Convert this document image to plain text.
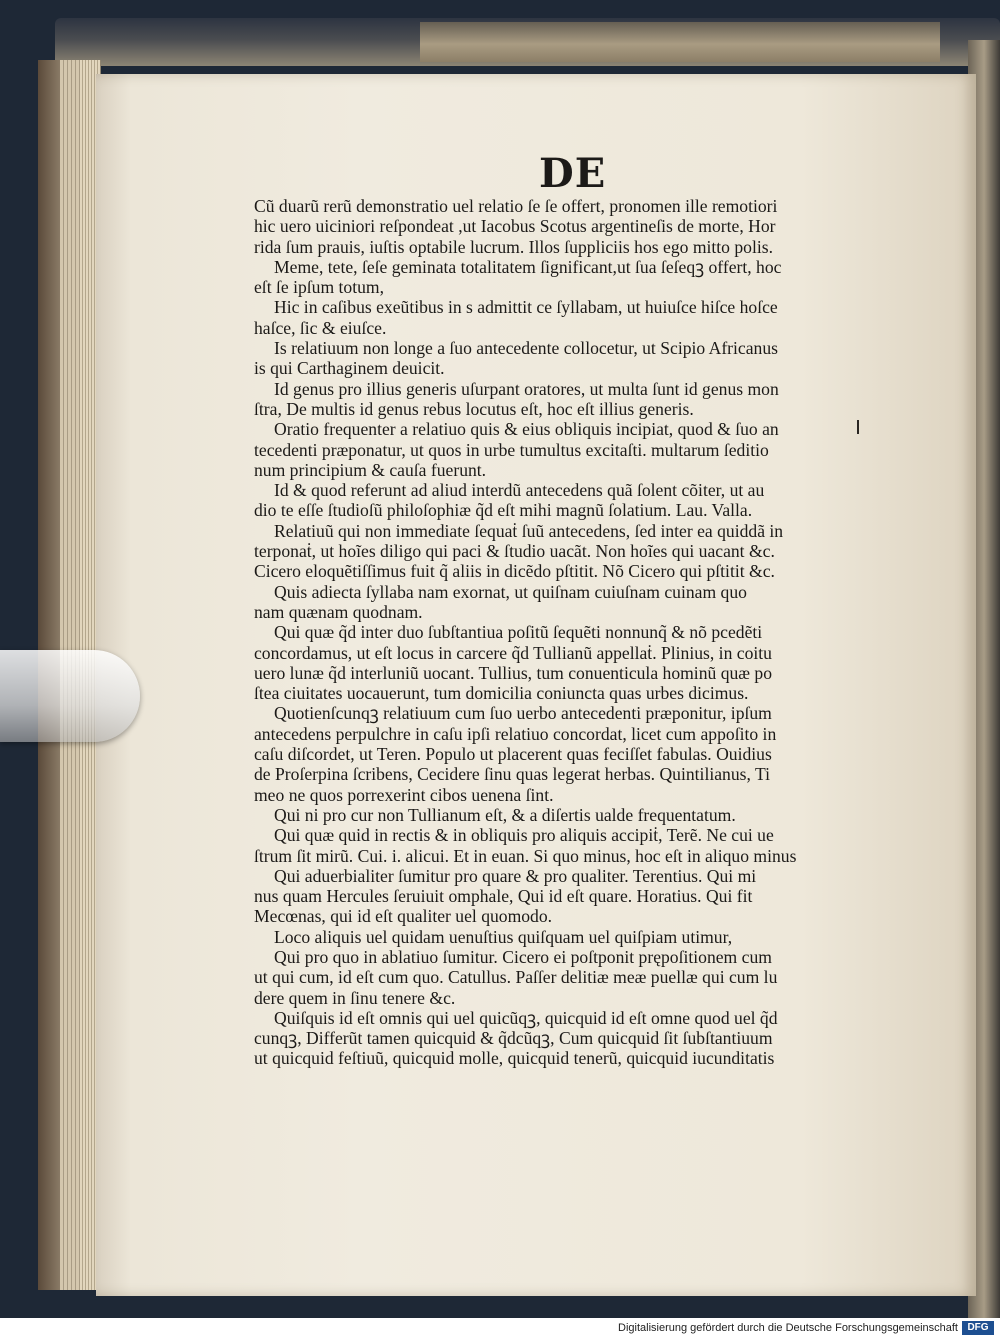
DE
Cũ duarũ rerũ demonstratio uel relatio ſe ſe offert, pronomen ille remotiori
hic uero uiciniori reſpondeat ,ut Iacobus Scotus argentineſis de morte, Hor
rida ſum prauis, iuſtis optabile lucrum. Illos ſuppliciis hos ego mitto polis.
Meme, tete, ſeſe geminata totalitatem ſignificant,ut ſua ſeſeqꝫ offert, hoc
eſt ſe ipſum totum,
Hic in caſibus exeũtibus in s admittit ce ſyllabam, ut huiuſce hiſce hoſce
haſce, ſic & eiuſce.
Is relatiuum non longe a ſuo antecedente collocetur, ut Scipio Africanus
is qui Carthaginem deuicit.
Id genus pro illius generis uſurpant oratores, ut multa ſunt id genus mon
ſtra, De multis id genus rebus locutus eſt, hoc eſt illius generis.
Oratio frequenter a relatiuo quis & eius obliquis incipiat, quod & ſuo an
tecedenti præponatur, ut quos in urbe tumultus excitaſti. multarum ſeditio
num principium & cauſa fuerunt.
Id & quod referunt ad aliud interdũ antecedens quã ſolent cõiter, ut au
dio te eſſe ſtudioſũ philoſophiæ q̃d eſt mihi magnũ ſolatium. Lau. Valla.
Relatiuũ qui non immediate ſequaṫ ſuũ antecedens, ſed inter ea quiddã in
terponaṫ, ut hoĩes diligo qui paci & ſtudio uacãt. Non hoĩes qui uacant &c.
Cicero eloquẽtiſſimus fuit q̃ aliis in dicẽdo pſtitit. Nõ Cicero qui pſtitit &c.
Quis adiecta ſyllaba nam exornat, ut quiſnam cuiuſnam cuinam quo
nam quænam quodnam.
Qui quæ q̃d inter duo ſubſtantiua poſitũ ſequẽti nonnunq̃ & nõ pcedẽti
concordamus, ut eſt locus in carcere q̃d Tullianũ appellaṫ. Plinius, in coitu
uero lunæ q̃d interluniũ uocant. Tullius, tum conuenticula hominũ quæ po
ſtea ciuitates uocauerunt, tum domicilia coniuncta quas urbes dicimus.
Quotienſcunqꝫ relatiuum cum ſuo uerbo antecedenti præponitur, ipſum
antecedens perpulchre in caſu ipſi relatiuo concordat, licet cum appoſito in
caſu diſcordet, ut Teren. Populo ut placerent quas feciſſet fabulas. Ouidius
de Proſerpina ſcribens, Cecidere ſinu quas legerat herbas. Quintilianus, Ti
meo ne quos porrexerint cibos uenena ſint.
Qui ni pro cur non Tullianum eſt, & a diſertis ualde frequentatum.
Qui quæ quid in rectis & in obliquis pro aliquis accipiṫ, Terẽ. Ne cui ue
ſtrum ſit mirũ. Cui. i. alicui. Et in euan. Si quo minus, hoc eſt in aliquo minus
Qui aduerbialiter ſumitur pro quare & pro qualiter. Terentius. Qui mi
nus quam Hercules ſeruiuit omphale, Qui id eſt quare. Horatius. Qui fit
Mecœnas, qui id eſt qualiter uel quomodo.
Loco aliquis uel quidam uenuſtius quiſquam uel quiſpiam utimur,
Qui pro quo in ablatiuo ſumitur. Cicero ei poſtponit prępoſitionem cum
ut qui cum, id eſt cum quo. Catullus. Paſſer delitiæ meæ puellæ qui cum lu
dere quem in ſinu tenere &c.
Quiſquis id eſt omnis qui uel quicũqꝫ, quicquid id eſt omne quod uel q̃d
cunqꝫ, Differũt tamen quicquid & q̃dcũqꝫ, Cum quicquid ſit ſubſtantiuum
ut quicquid feſtiuũ, quicquid molle, quicquid tenerũ, quicquid iucunditatis
Digitalisierung gefördert durch die Deutsche Forschungsgemeinschaft DFG
